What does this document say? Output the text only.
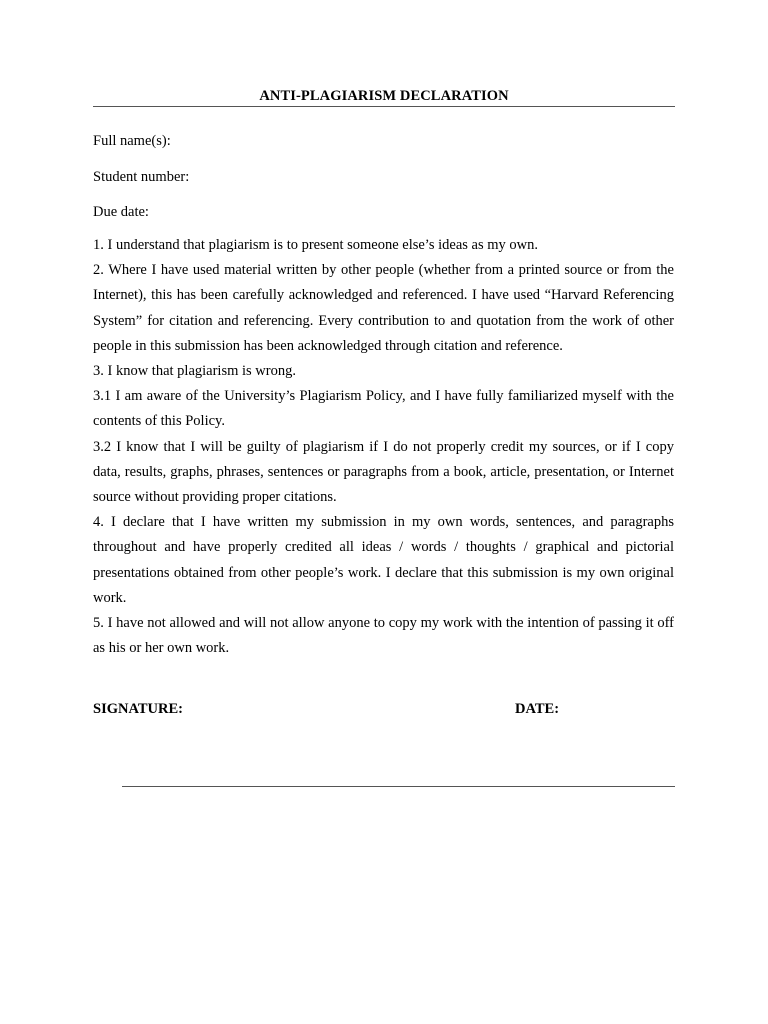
ANTI-PLAGIARISM DECLARATION
Full name(s):
Student number:
Due date:

1. I understand that plagiarism is to present someone else’s ideas as my own.

2. Where I have used material written by other people (whether from a printed source or from the Internet), this has been carefully acknowledged and referenced. I have used “Harvard Referencing System” for citation and referencing. Every contribution to and quotation from the work of other people in this submission has been acknowledged through citation and reference.

3. I know that plagiarism is wrong.

3.1 I am aware of the University’s Plagiarism Policy, and I have fully familiarized myself with the contents of this Policy.

3.2 I know that I will be guilty of plagiarism if I do not properly credit my sources, or if I copy data, results, graphs, phrases, sentences or paragraphs from a book, article, presentation, or Internet source without providing proper citations.

4. I declare that I have written my submission in my own words, sentences, and paragraphs throughout and have properly credited all ideas / words / thoughts / graphical and pictorial presentations obtained from other people’s work. I declare that this submission is my own original work.

5. I have not allowed and will not allow anyone to copy my work with the intention of passing it off as his or her own work.

SIGNATURE:	DATE:
